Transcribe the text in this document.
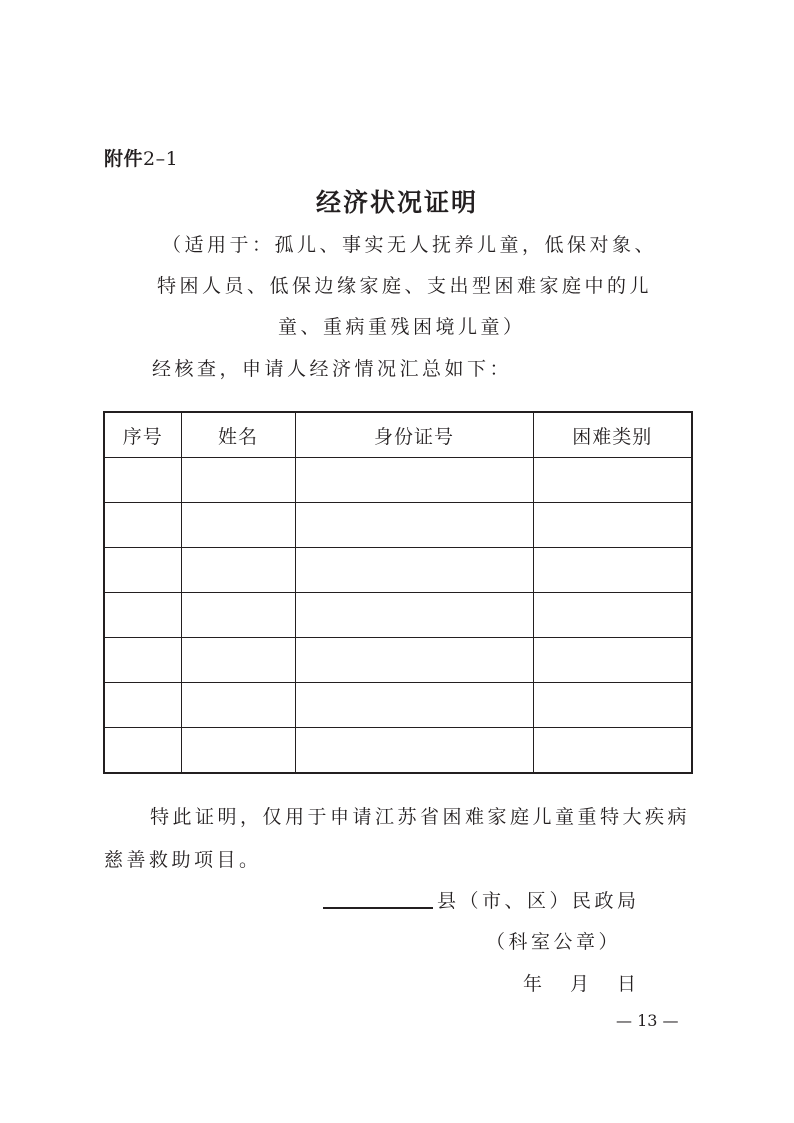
附件2–1
经济状况证明
（适用于：孤儿、事实无人抚养儿童，低保对象、
特困人员、低保边缘家庭、支出型困难家庭中的儿
童、重病重残困境儿童）
经核查，申请人经济情况汇总如下：
序号	姓名	身份证号	困难类别

特此证明，仅用于申请江苏省困难家庭儿童重特大疾病
慈善救助项目。
县（市、区）民政局
（科室公章）
年 月 日
— 13 —
